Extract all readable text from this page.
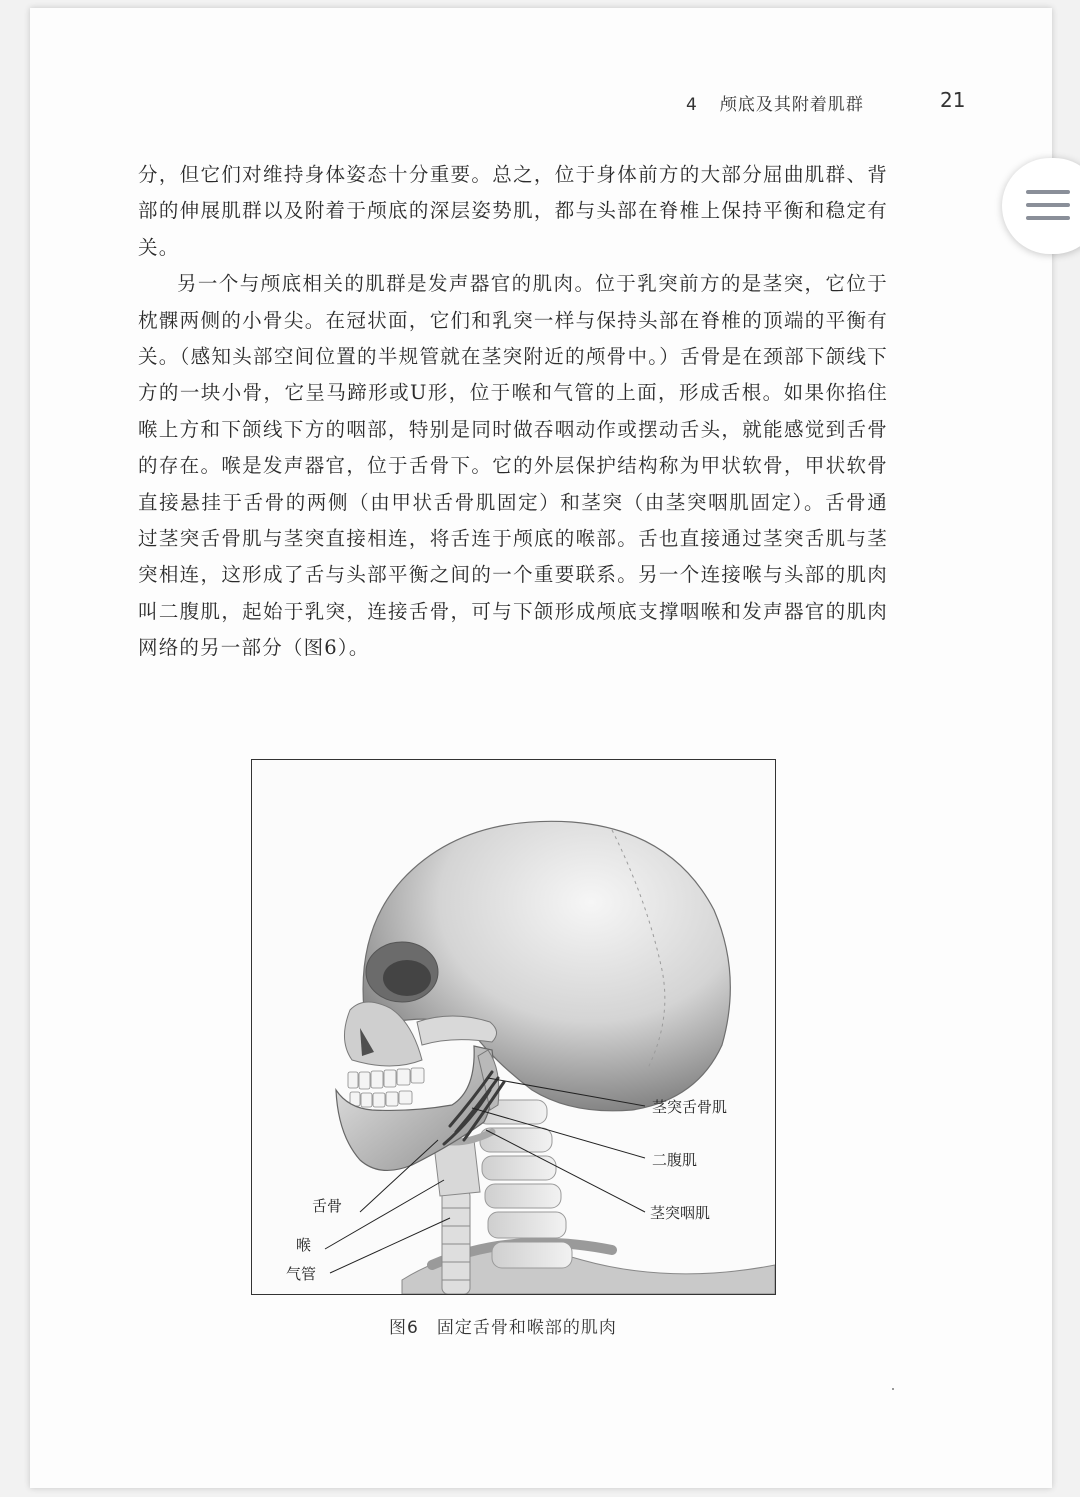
4 颅底及其附着肌群	21

分，但它们对维持身体姿态十分重要。总之，位于身体前方的大部分屈曲肌群、背部的伸展肌群以及附着于颅底的深层姿势肌，都与头部在脊椎上保持平衡和稳定有关。

另一个与颅底相关的肌群是发声器官的肌肉。位于乳突前方的是茎突，它位于枕髁两侧的小骨尖。在冠状面，它们和乳突一样与保持头部在脊椎的顶端的平衡有关。（感知头部空间位置的半规管就在茎突附近的颅骨中。）舌骨是在颈部下颌线下方的一块小骨，它呈马蹄形或U形，位于喉和气管的上面，形成舌根。如果你掐住喉上方和下颌线下方的咽部，特别是同时做吞咽动作或摆动舌头，就能感觉到舌骨的存在。喉是发声器官，位于舌骨下。它的外层保护结构称为甲状软骨，甲状软骨直接悬挂于舌骨的两侧（由甲状舌骨肌固定）和茎突（由茎突咽肌固定）。舌骨通过茎突舌骨肌与茎突直接相连，将舌连于颅底的喉部。舌也直接通过茎突舌肌与茎突相连，这形成了舌与头部平衡之间的一个重要联系。另一个连接喉与头部的肌肉叫二腹肌，起始于乳突，连接舌骨，可与下颌形成颅底支撑咽喉和发声器官的肌肉网络的另一部分（图6）。

茎突舌骨肌
二腹肌
茎突咽肌
舌骨
喉
气管
图6 固定舌骨和喉部的肌肉
